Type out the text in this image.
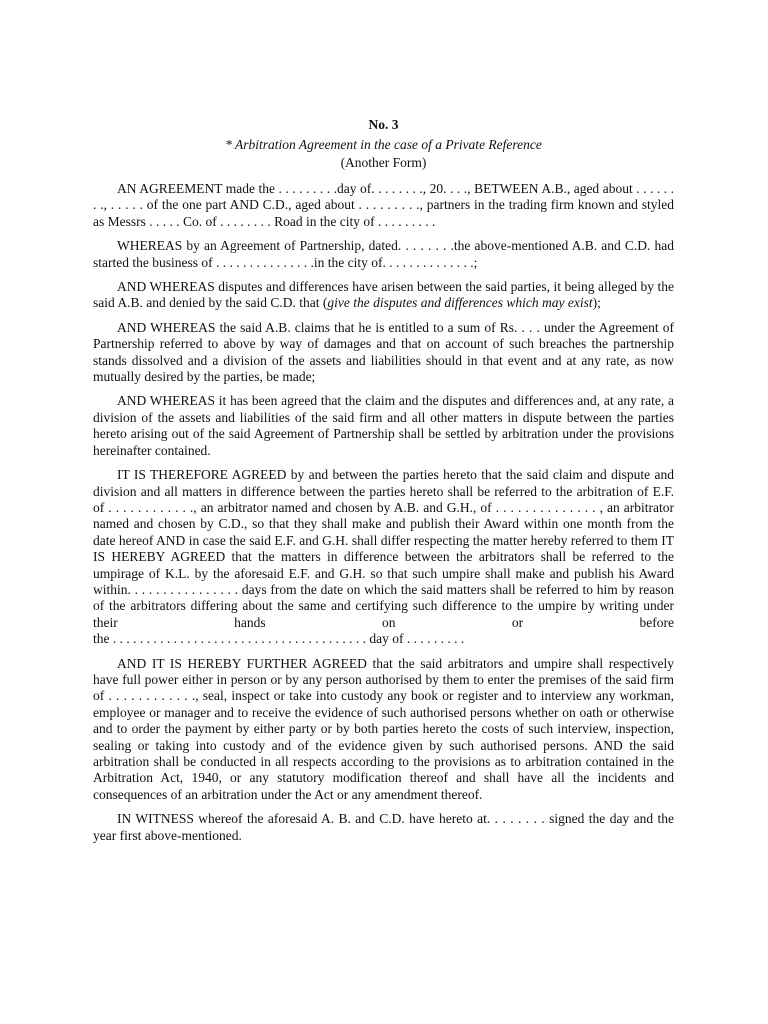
No. 3

* Arbitration Agreement in the case of a Private Reference

(Another Form)

AN AGREEMENT made the . . . . . . . . .day of. . . . . . . ., 20. . . ., BETWEEN A.B., aged about . . . . . . . ., . . . . . of the one part AND C.D., aged about . . . . . . . . ., partners in the trading firm known and styled as Messrs . . . . . Co. of . . . . . . . . Road in the city of . . . . . . . . .

WHEREAS by an Agreement of Partnership, dated. . . . . . . .the above-mentioned A.B. and C.D. had started the business of . . . . . . . . . . . . . . .in the city of. . . . . . . . . . . . . .;

AND WHEREAS disputes and differences have arisen between the said parties, it being alleged by the said A.B. and denied by the said C.D. that (give the disputes and differences which may exist);

AND WHEREAS the said A.B. claims that he is entitled to a sum of Rs. . . . under the Agreement of Partnership referred to above by way of damages and that on account of such breaches the partnership stands dissolved and a division of the assets and liabilities should in that event and at any rate, as now mutually desired by the parties, be made;

AND WHEREAS it has been agreed that the claim and the disputes and differences and, at any rate, a division of the assets and liabilities of the said firm and all other matters in dispute between the parties hereto arising out of the said Agreement of Partnership shall be settled by arbitration under the provisions hereinafter contained.

IT IS THEREFORE AGREED by and between the parties hereto that the said claim and dispute and division and all matters in difference between the parties hereto shall be referred to the arbitration of E.F. of . . . . . . . . . . . ., an arbitrator named and chosen by A.B. and G.H., of . . . . . . . . . . . . . . , an arbitrator named and chosen by C.D., so that they shall make and publish their Award within one month from the date hereof AND in case the said E.F. and G.H. shall differ respecting the matter hereby referred to them IT IS HEREBY AGREED that the matters in difference between the arbitrators shall be referred to the umpirage of K.L. by the aforesaid E.F. and G.H. so that such umpire shall make and publish his Award within. . . . . . . . . . . . . . . . days from the date on which the said matters shall be referred to him by reason of the arbitrators differing about the same and certifying such difference to the umpire by writing under their hands on or before

the . . . . . . . . . . . . . . . . . . . . . . . . . . . . . . . . . . . . . . day of . . . . . . . . .

AND IT IS HEREBY FURTHER AGREED that the said arbitrators and umpire shall respectively have full power either in person or by any person authorised by them to enter the premises of the said firm of . . . . . . . . . . . ., seal, inspect or take into custody any book or register and to interview any workman, employee or manager and to receive the evidence of such authorised persons whether on oath or otherwise and to order the payment by either party or by both parties hereto the costs of such interview, inspection, sealing or taking into custody and of the evidence given by such authorised persons. AND the said arbitration shall be conducted in all respects according to the provisions as to arbitration contained in the Arbitration Act, 1940, or any statutory modification thereof and shall have all the incidents and consequences of an arbitration under the Act or any amendment thereof.

IN WITNESS whereof the aforesaid A. B. and C.D. have hereto at. . . . . . . . signed the day and the year first above-mentioned.
